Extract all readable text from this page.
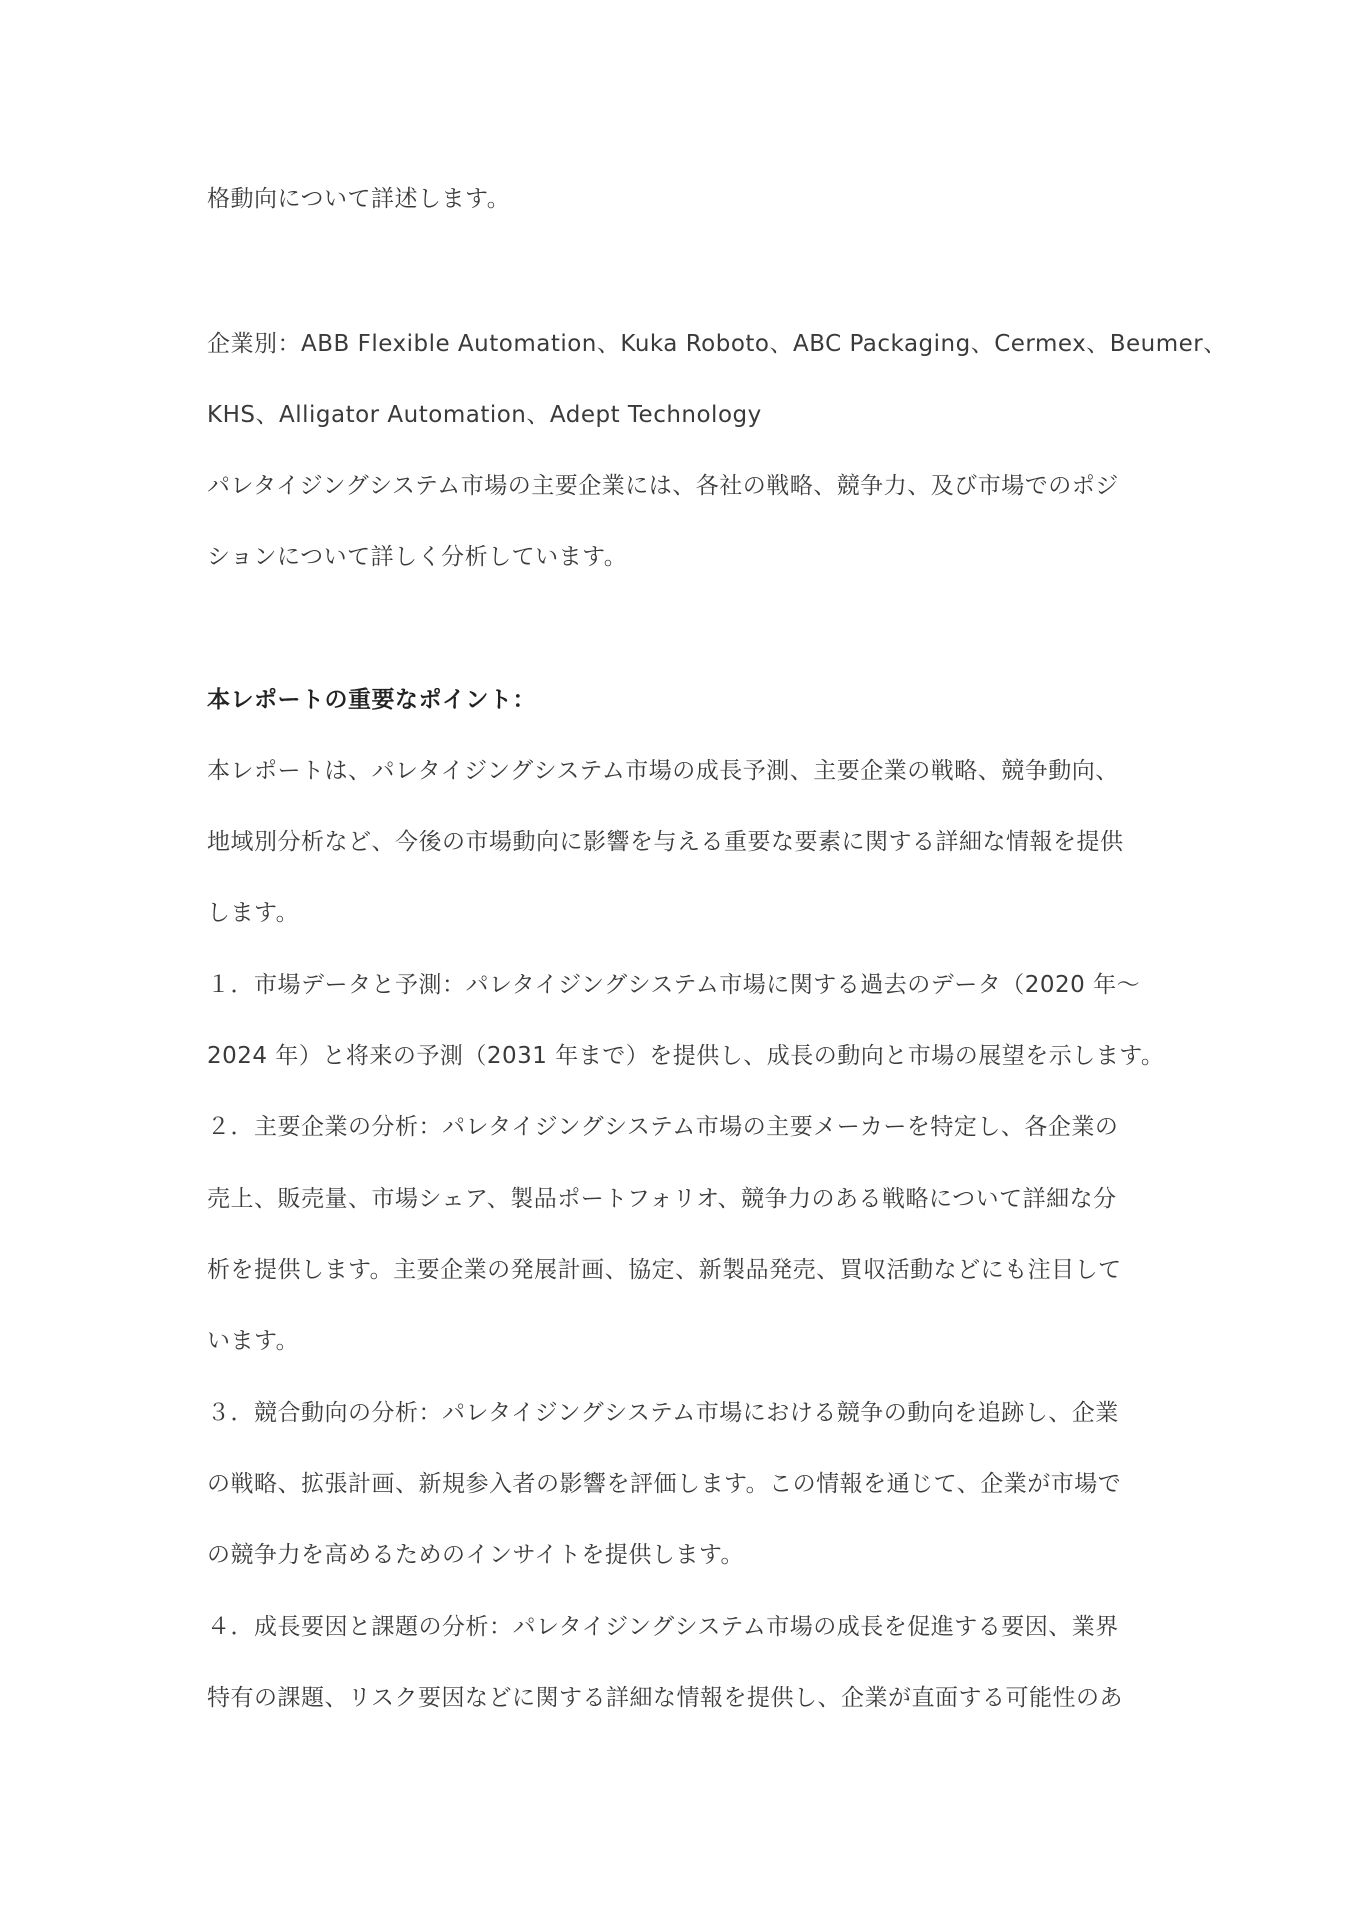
格動向について詳述します。
企業別：ABB Flexible Automation、Kuka Roboto、ABC Packaging、Cermex、Beumer、
KHS、Alligator Automation、Adept Technology
パレタイジングシステム市場の主要企業には、各社の戦略、競争力、及び市場でのポジ
ションについて詳しく分析しています。
本レポートの重要なポイント：
本レポートは、パレタイジングシステム市場の成長予測、主要企業の戦略、競争動向、
地域別分析など、今後の市場動向に影響を与える重要な要素に関する詳細な情報を提供
します。
１．市場データと予測：パレタイジングシステム市場に関する過去のデータ（2020 年～
2024 年）と将来の予測（2031 年まで）を提供し、成長の動向と市場の展望を示します。
２．主要企業の分析：パレタイジングシステム市場の主要メーカーを特定し、各企業の
売上、販売量、市場シェア、製品ポートフォリオ、競争力のある戦略について詳細な分
析を提供します。主要企業の発展計画、協定、新製品発売、買収活動などにも注目して
います。
３．競合動向の分析：パレタイジングシステム市場における競争の動向を追跡し、企業
の戦略、拡張計画、新規参入者の影響を評価します。この情報を通じて、企業が市場で
の競争力を高めるためのインサイトを提供します。
４．成長要因と課題の分析：パレタイジングシステム市場の成長を促進する要因、業界
特有の課題、リスク要因などに関する詳細な情報を提供し、企業が直面する可能性のあ
